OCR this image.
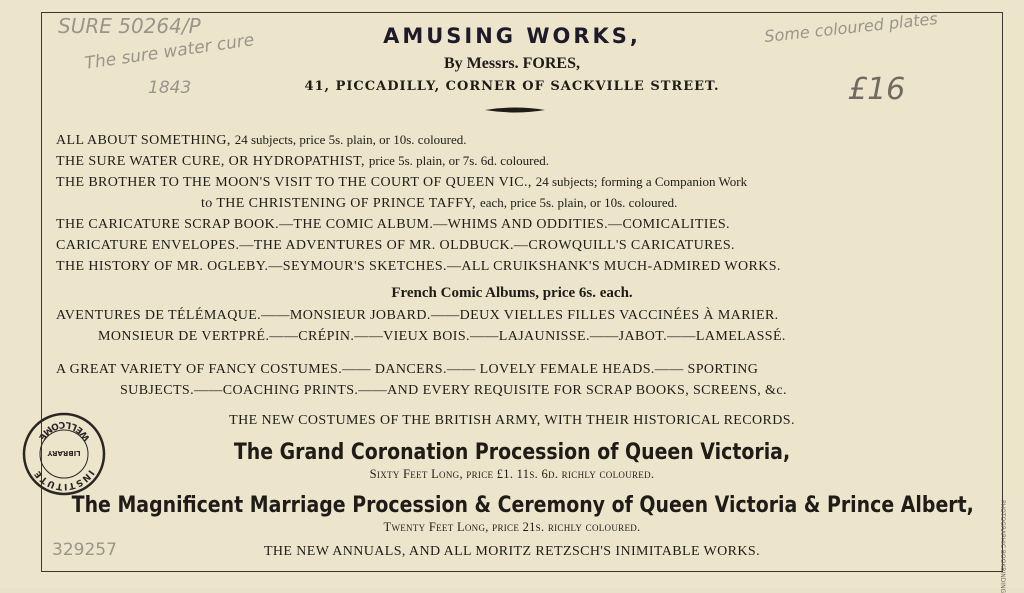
SURE 50264/P
The sure water cure
1843
Some coloured plates
£16
329257
AMUSING WORKS,
By Messrs. FORES,
41, PICCADILLY, CORNER OF SACKVILLE STREET.
ALL ABOUT SOMETHING, 24 subjects, price 5s. plain, or 10s. coloured.
THE SURE WATER CURE, OR HYDROPATHIST, price 5s. plain, or 7s. 6d. coloured.
THE BROTHER TO THE MOON'S VISIT TO THE COURT OF QUEEN VIC., 24 subjects; forming a Companion Work
to THE CHRISTENING OF PRINCE TAFFY, each, price 5s. plain, or 10s. coloured.
THE CARICATURE SCRAP BOOK.—THE COMIC ALBUM.—WHIMS AND ODDITIES.—COMICALITIES.
CARICATURE ENVELOPES.—THE ADVENTURES OF MR. OLDBUCK.—CROWQUILL'S CARICATURES.
THE HISTORY OF MR. OGLEBY.—SEYMOUR'S SKETCHES.—ALL CRUIKSHANK'S MUCH-ADMIRED WORKS.
French Comic Albums, price 6s. each.
AVENTURES DE TÉLÉMAQUE.——MONSIEUR JOBARD.——DEUX VIELLES FILLES VACCINÉES À MARIER.
MONSIEUR DE VERTPRÉ.——CRÉPIN.——VIEUX BOIS.——LAJAUNISSE.——JABOT.——LAMELASSÉ.
A GREAT VARIETY OF FANCY COSTUMES.—— DANCERS.—— LOVELY FEMALE HEADS.—— SPORTING
SUBJECTS.——COACHING PRINTS.——AND EVERY REQUISITE FOR SCRAP BOOKS, SCREENS, &c.
THE NEW COSTUMES OF THE BRITISH ARMY, WITH THEIR HISTORICAL RECORDS.
The Grand Coronation Procession of Queen Victoria,
Sixty Feet Long, price £1. 11s. 6d. richly coloured.
The Magnificent Marriage Procession & Ceremony of Queen Victoria & Prince Albert,
Twenty Feet Long, price 21s. richly coloured.
THE NEW ANNUALS, AND ALL MORITZ RETZSCH'S INIMITABLE WORKS.
INSTITUTE
WELLCOME
LIBRARY
PHOTOGRAPHIC BOOKBINDING
